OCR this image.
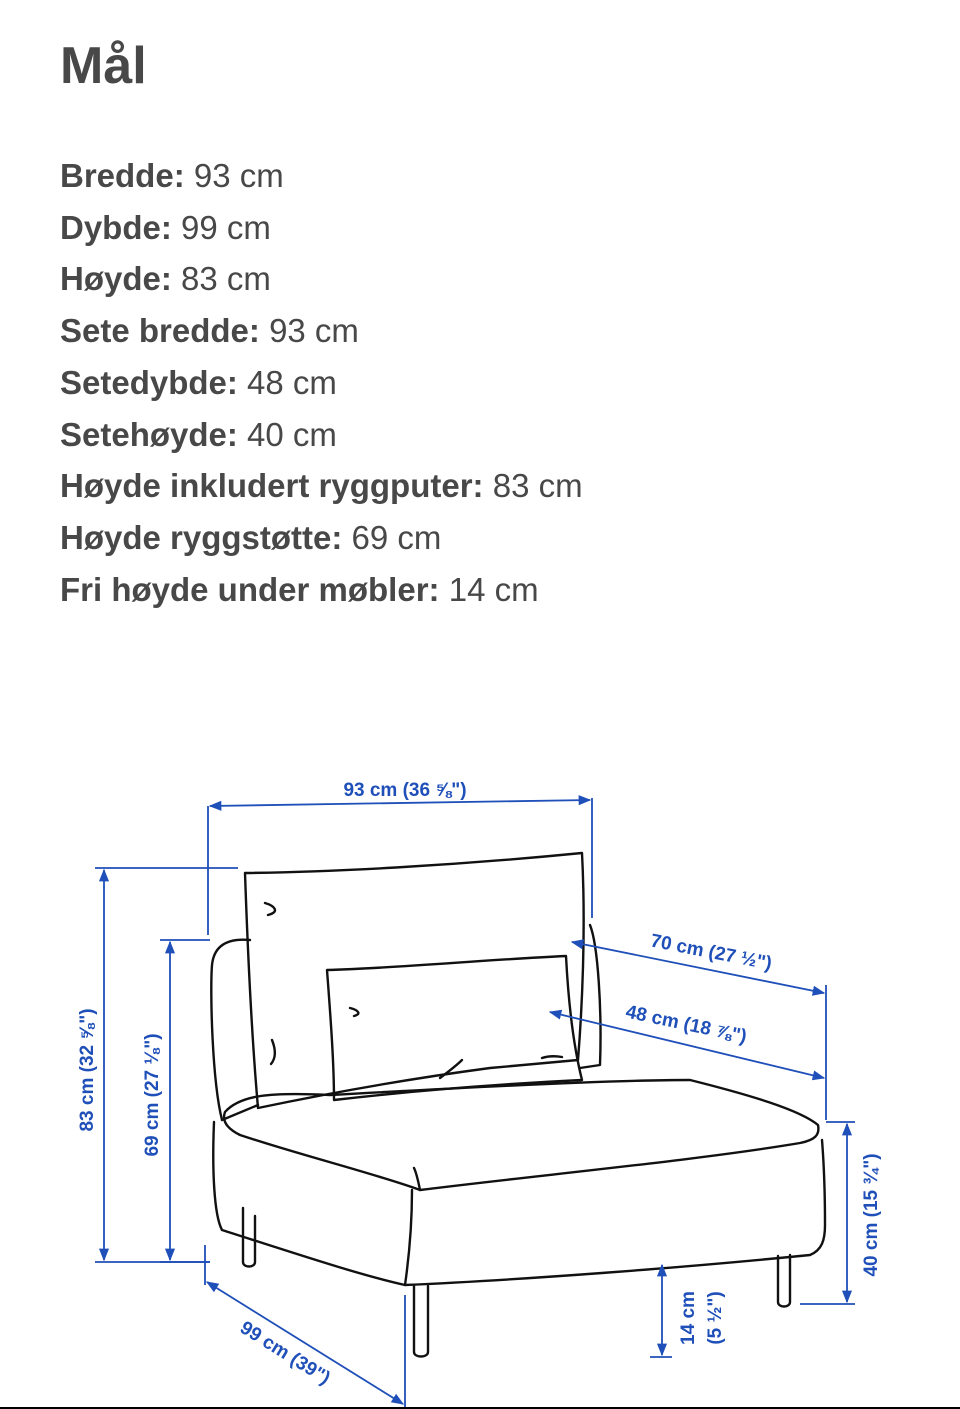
Mål
Bredde: 93 cm
Dybde: 99 cm
Høyde: 83 cm
Sete bredde: 93 cm
Setedybde: 48 cm
Setehøyde: 40 cm
Høyde inkludert ryggputer: 83 cm
Høyde ryggstøtte: 69 cm
Fri høyde under møbler: 14 cm
93 cm (36 ⅝")
83 cm (32 ⅝") 69 cm (27 ⅛")
99 cm (39")
70 cm (27 ½")
48 cm (18 ⅞")
40 cm (15 ¾")
14 cm (5 ½")
